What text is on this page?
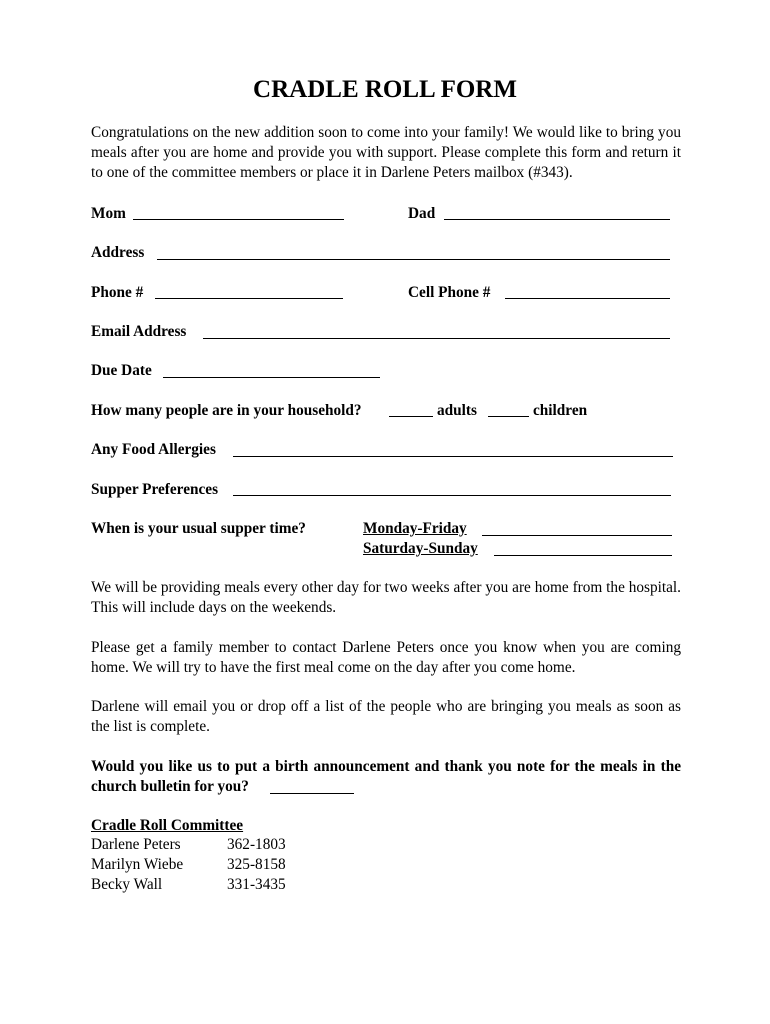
CRADLE ROLL FORM
Congratulations on the new addition soon to come into your family! We would like to bring you meals after you are home and provide you with support. Please complete this form and return it to one of the committee members or place it in Darlene Peters mailbox (#343).
Mom	Dad
Address
Phone #	Cell Phone #
Email Address
Due Date
How many people are in your household?	adults	children
Any Food Allergies
Supper Preferences
When is your usual supper time?	Monday-Friday
Saturday-Sunday
We will be providing meals every other day for two weeks after you are home from the hospital. This will include days on the weekends.
Please get a family member to contact Darlene Peters once you know when you are coming home. We will try to have the first meal come on the day after you come home.
Darlene will email you or drop off a list of the people who are bringing you meals as soon as the list is complete.
Would you like us to put a birth announcement and thank you note for the meals in the church bulletin for you?
Cradle Roll Committee
Darlene Peters	362-1803
Marilyn Wiebe	325-8158
Becky Wall	331-3435
